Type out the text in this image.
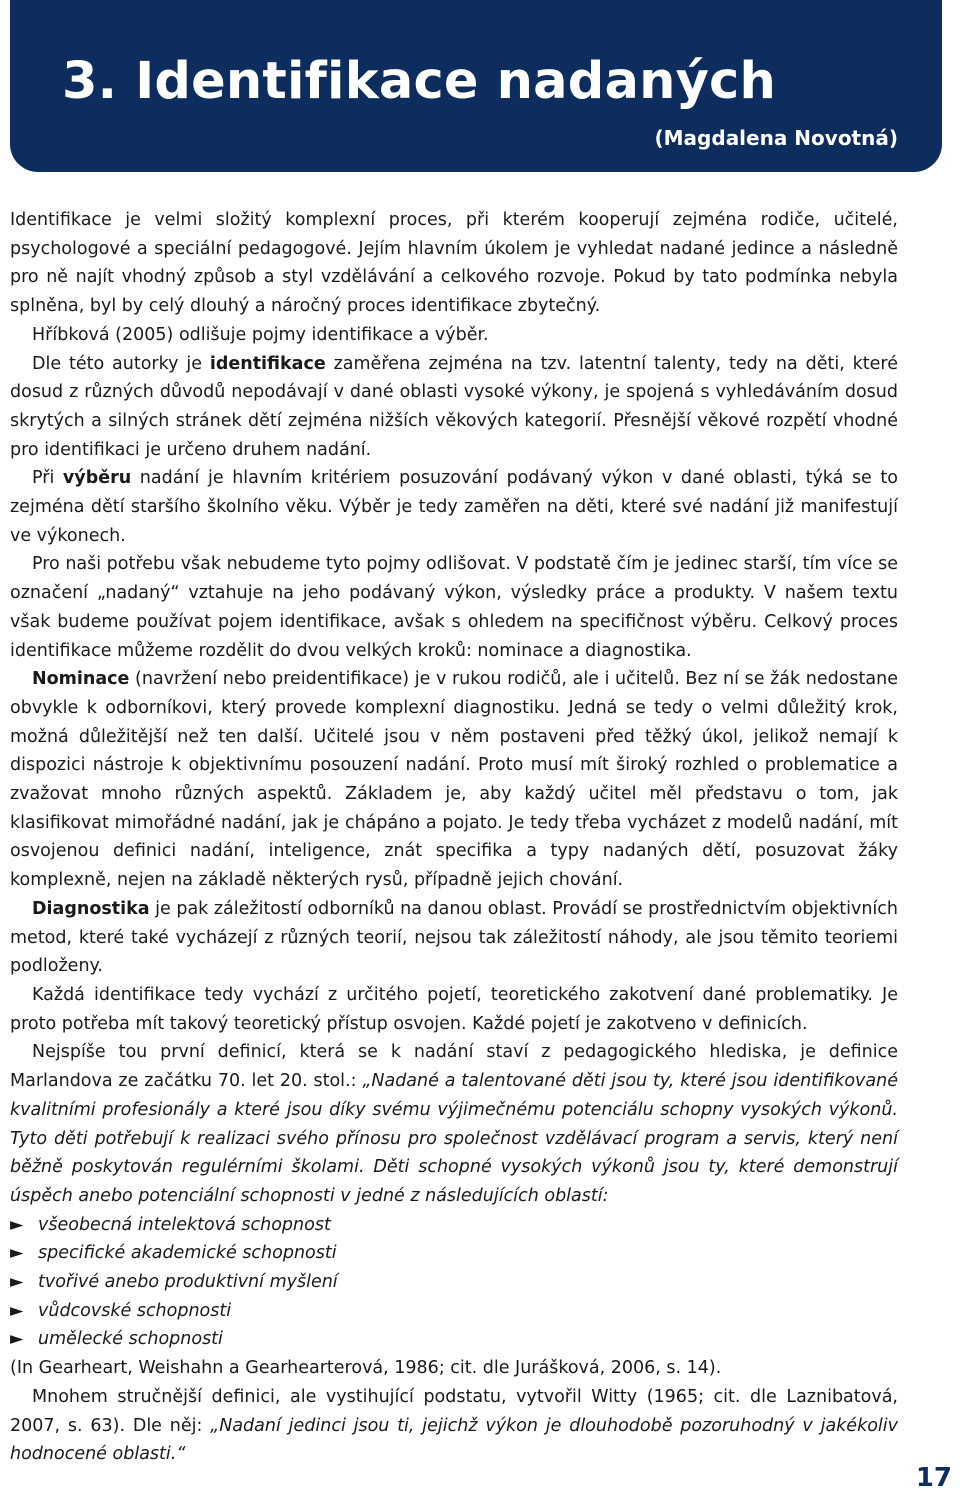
3. Identifikace nadaných
(Magdalena Novotná)

Identifikace je velmi složitý komplexní proces, při kterém kooperují zejména rodiče, učitelé, psychologové a speciální pedagogové. Jejím hlavním úkolem je vyhledat nadané jedince a následně pro ně najít vhodný způsob a styl vzdělávání a celkového rozvoje. Pokud by tato podmínka nebyla splněna, byl by celý dlouhý a náročný proces identifikace zbytečný.

Hříbková (2005) odlišuje pojmy identifikace a výběr.

Dle této autorky je identifikace zaměřena zejména na tzv. latentní talenty, tedy na děti, které dosud z různých důvodů nepodávají v dané oblasti vysoké výkony, je spojená s vyhledáváním dosud skrytých a silných stránek dětí zejména nižších věkových kategorií. Přesnější věkové rozpětí vhodné pro identifikaci je určeno druhem nadání.

Při výběru nadání je hlavním kritériem posuzování podávaný výkon v dané oblasti, týká se to zejména dětí staršího školního věku. Výběr je tedy zaměřen na děti, které své nadání již manifestují ve výkonech.

Pro naši potřebu však nebudeme tyto pojmy odlišovat. V podstatě čím je jedinec starší, tím více se označení „nadaný“ vztahuje na jeho podávaný výkon, výsledky práce a produkty. V našem textu však budeme používat pojem identifikace, avšak s ohledem na specifičnost výběru. Celkový proces identifikace můžeme rozdělit do dvou velkých kroků: nominace a diagnostika.

Nominace (navržení nebo preidentifikace) je v rukou rodičů, ale i učitelů. Bez ní se žák nedostane obvykle k odborníkovi, který provede komplexní diagnostiku. Jedná se tedy o velmi důležitý krok, možná důležitější než ten další. Učitelé jsou v něm postaveni před těžký úkol, jelikož nemají k dispozici nástroje k objektivnímu posouzení nadání. Proto musí mít široký rozhled o problematice a zvažovat mnoho různých aspektů. Základem je, aby každý učitel měl představu o tom, jak klasifikovat mimořádné nadání, jak je chápáno a pojato. Je tedy třeba vycházet z modelů nadání, mít osvojenou definici nadání, inteligence, znát specifika a typy nadaných dětí, posuzovat žáky komplexně, nejen na základě některých rysů, případně jejich chování.

Diagnostika je pak záležitostí odborníků na danou oblast. Provádí se prostřednictvím objektivních metod, které také vycházejí z různých teorií, nejsou tak záležitostí náhody, ale jsou těmito teoriemi podloženy.

Každá identifikace tedy vychází z určitého pojetí, teoretického zakotvení dané problematiky. Je proto potřeba mít takový teoretický přístup osvojen. Každé pojetí je zakotveno v definicích.

Nejspíše tou první definicí, která se k nadání staví z pedagogického hlediska, je definice Marlandova ze začátku 70. let 20. stol.: „Nadané a talentované děti jsou ty, které jsou identifikované kvalitními profesionály a které jsou díky svému výjimečnému potenciálu schopny vysokých výkonů. Tyto děti potřebují k realizaci svého přínosu pro společnost vzdělávací program a servis, který není běžně poskytován regulérními školami. Děti schopné vysokých výkonů jsou ty, které demonstrují úspěch anebo potenciální schopnosti v jedné z následujících oblastí:

► všeobecná intelektová schopnost
► specifické akademické schopnosti
► tvořivé anebo produktivní myšlení
► vůdcovské schopnosti
► umělecké schopnosti

(In Gearheart, Weishahn a Gearhearterová, 1986; cit. dle Jurášková, 2006, s. 14).

Mnohem stručnější definici, ale vystihující podstatu, vytvořil Witty (1965; cit. dle Laznibatová, 2007, s. 63). Dle něj: „Nadaní jedinci jsou ti, jejichž výkon je dlouhodobě pozoruhodný v jakékoliv hodnocené oblasti.“

17
